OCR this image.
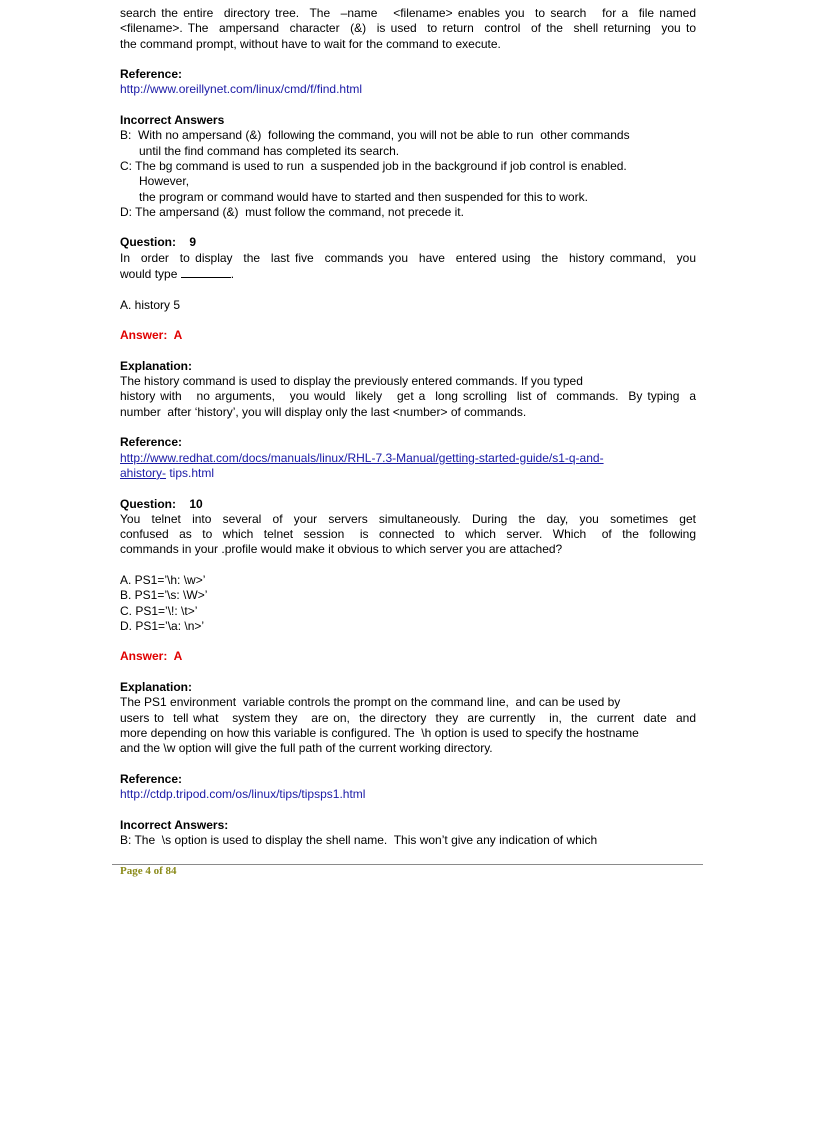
search the entire  directory tree.  The  –name   <filename> enables you  to search   for a  file named
<filename>. The  ampersand  character  (&)  is used  to return  control  of the  shell returning  you to
the command prompt, without have to wait for the command to execute.
Reference:
http://www.oreillynet.com/linux/cmd/f/find.html
Incorrect Answers
B:  With no ampersand (&)  following the command, you will not be able to run  other commands
until the find command has completed its search.
C: The bg command is used to run  a suspended job in the background if job control is enabled.
However,
the program or command would have to started and then suspended for this to work.
D: The ampersand (&)  must follow the command, not precede it.
Question:    9
In  order  to display  the  last five  commands you  have  entered using  the  history command,  you
would type	.
A. history 5
Answer:  A
Explanation:
The history command is used to display the previously entered commands. If you typed
history with   no arguments,   you would  likely   get a  long scrolling  list of  commands.  By typing  a
number  after ‘history’, you will display only the last <number> of commands.
Reference:
http://www.redhat.com/docs/manuals/linux/RHL-7.3-Manual/getting-started-guide/s1-q-and-
ahistory- tips.html
Question:    10
You  telnet  into  several  of  your  servers  simultaneously.  During  the  day,  you  sometimes  get
confused  as  to  which  telnet  session   is  connected  to  which  server.  Which   of  the  following
commands in your .profile would make it obvious to which server you are attached?
A. PS1=’\h: \w>’
B. PS1=’\s: \W>’
C. PS1=’\!: \t>’
D. PS1=’\a: \n>’
Answer:  A
Explanation:
The PS1 environment  variable controls the prompt on the command line,  and can be used by
users to  tell what   system they   are on,  the directory  they  are currently   in,  the  current  date  and
more depending on how this variable is configured. The  \h option is used to specify the hostname
and the \w option will give the full path of the current working directory.
Reference:
http://ctdp.tripod.com/os/linux/tips/tipsps1.html
Incorrect Answers:
B: The  \s option is used to display the shell name.  This won’t give any indication of which
Page 4 of 84
